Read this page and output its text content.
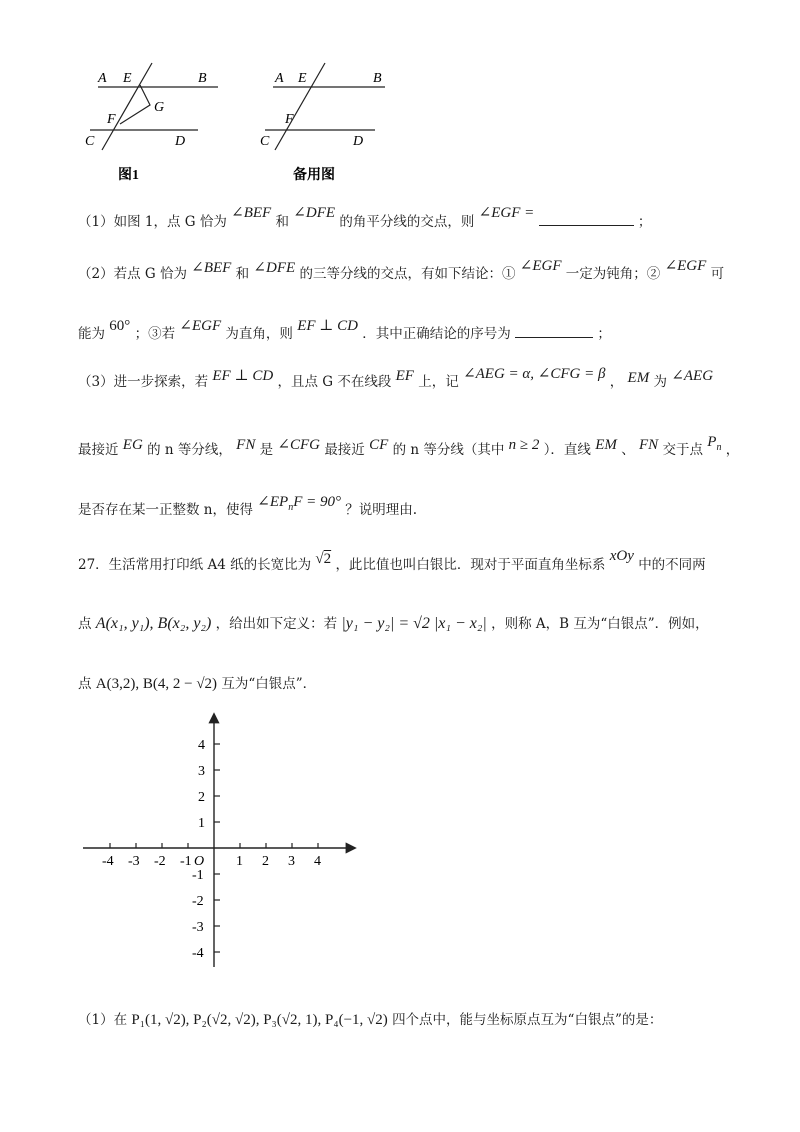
A E	B
F
G
C	D
图1
A E	B
F
C	D
备用图
（1）如图 1，点 G 恰为 ∠BEF 和 ∠DFE 的角平分线的交点，则 ∠EGF =  ；
（2）若点 G 恰为 ∠BEF 和 ∠DFE 的三等分线的交点，有如下结论：① ∠EGF 一定为钝角；② ∠EGF 可
能为 60° ；③若 ∠EGF 为直角，则 EF ⊥ CD ．其中正确结论的序号为	；
（3）进一步探索，若 EF ⊥ CD ，且点 G 不在线段 EF 上，记 ∠AEG = α, ∠CFG = β ， EM 为 ∠AEG
最接近 EG 的 n 等分线， FN 是 ∠CFG 最接近 CF 的 n 等分线（其中 n ≥ 2 ）．直线 EM 、 FN 交于点 $P_n$ ，
是否存在某一正整数 n，使得 $\angle EP_nF = 90^\circ$ ？说明理由.
27．生活常用打印纸 A4 纸的长宽比为 √2 ，此比值也叫白银比．现对于平面直角坐标系 xOy 中的不同两
点 A(x₁, y₁), B(x₂, y₂) ，给出如下定义：若 |y₁ − y₂| = √2 |x₁ − x₂| ，则称 A，B 互为“白银点”．例如，
点 A(3,2), B(4, 2 − √2) 互为“白银点”．
-4 -3 -2 -1	1 2 3 4
4
3
2
1
-1
-2
-3
-4
O
（1）在 P₁(1, √2), P₂(√2, √2), P₃(√2, 1), P₄(−1, √2) 四个点中，能与坐标原点互为“白银点”的是：
